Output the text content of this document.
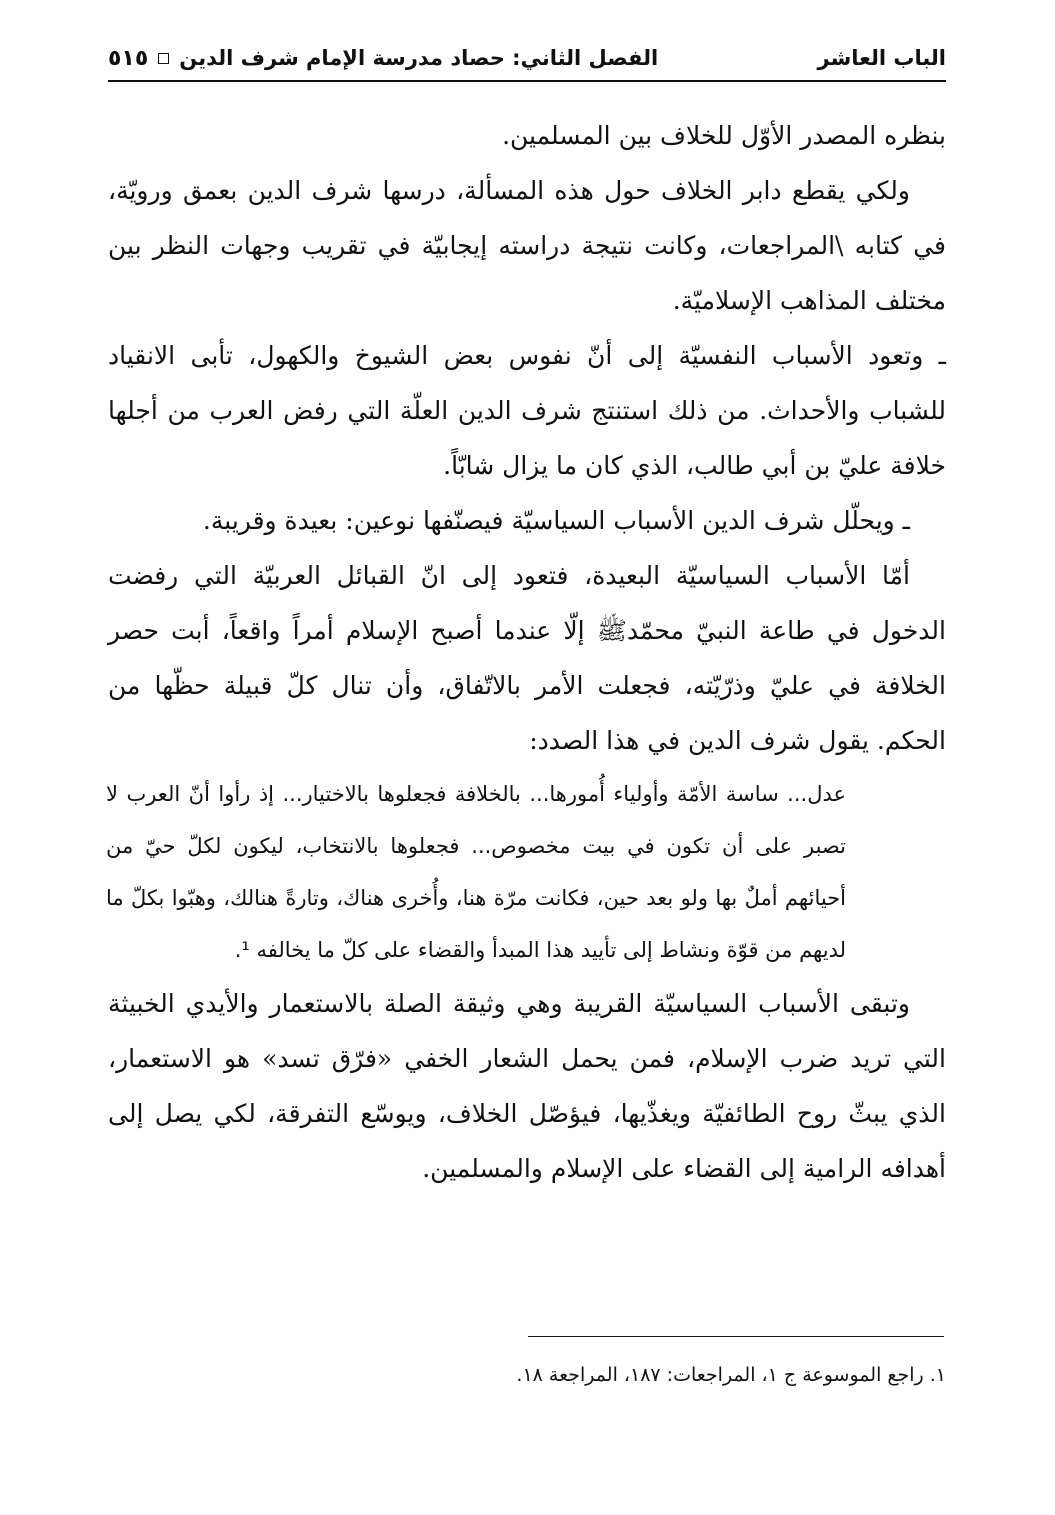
الباب العاشر
الفصل الثاني: حصاد مدرسة الإمام شرف الدين
٥١٥

بنظره المصدر الأوّل للخلاف بين المسلمين.

ولكي يقطع دابر الخلاف حول هذه المسألة، درسها شرف الدين بعمق ورويّة، في كتابه \المراجعات، وكانت نتيجة دراسته إيجابيّة في تقريب وجهات النظر بين مختلف المذاهب الإسلاميّة.

ـ وتعود الأسباب النفسيّة إلى أنّ نفوس بعض الشيوخ والكهول، تأبى الانقياد للشباب والأحداث. من ذلك استنتج شرف الدين العلّة التي رفض العرب من أجلها خلافة عليّ بن أبي طالب، الذي كان ما يزال شابّاً.

ـ ويحلّل شرف الدين الأسباب السياسيّة فيصنّفها نوعين: بعيدة وقريبة.

أمّا الأسباب السياسيّة البعيدة، فتعود إلى انّ القبائل العربيّة التي رفضت الدخول في طاعة النبيّ محمّدﷺ إلّا عندما أصبح الإسلام أمراً واقعاً، أبت حصر الخلافة في عليّ وذرّيّته، فجعلت الأمر بالاتّفاق، وأن تنال كلّ قبيلة حظّها من الحكم. يقول شرف الدين في هذا الصدد:

عدل... ساسة الأمّة وأولياء أُمورها... بالخلافة فجعلوها بالاختيار... إذ رأوا أنّ العرب لا تصبر على أن تكون في بيت مخصوص... فجعلوها بالانتخاب، ليكون لكلّ حيّ من أحيائهم أملٌ بها ولو بعد حين، فكانت مرّة هنا، وأُخرى هناك، وتارةً هنالك، وهبّوا بكلّ ما لديهم من قوّة ونشاط إلى تأييد هذا المبدأ والقضاء على كلّ ما يخالفه ¹.

وتبقى الأسباب السياسيّة القريبة وهي وثيقة الصلة بالاستعمار والأيدي الخبيثة التي تريد ضرب الإسلام، فمن يحمل الشعار الخفي «فرّق تسد» هو الاستعمار، الذي يبثّ روح الطائفيّة ويغذّيها، فيؤصّل الخلاف، ويوسّع التفرقة، لكي يصل إلى أهدافه الرامية إلى القضاء على الإسلام والمسلمين.

١. راجع الموسوعة ج ١، المراجعات: ١٨٧، المراجعة ١٨.
